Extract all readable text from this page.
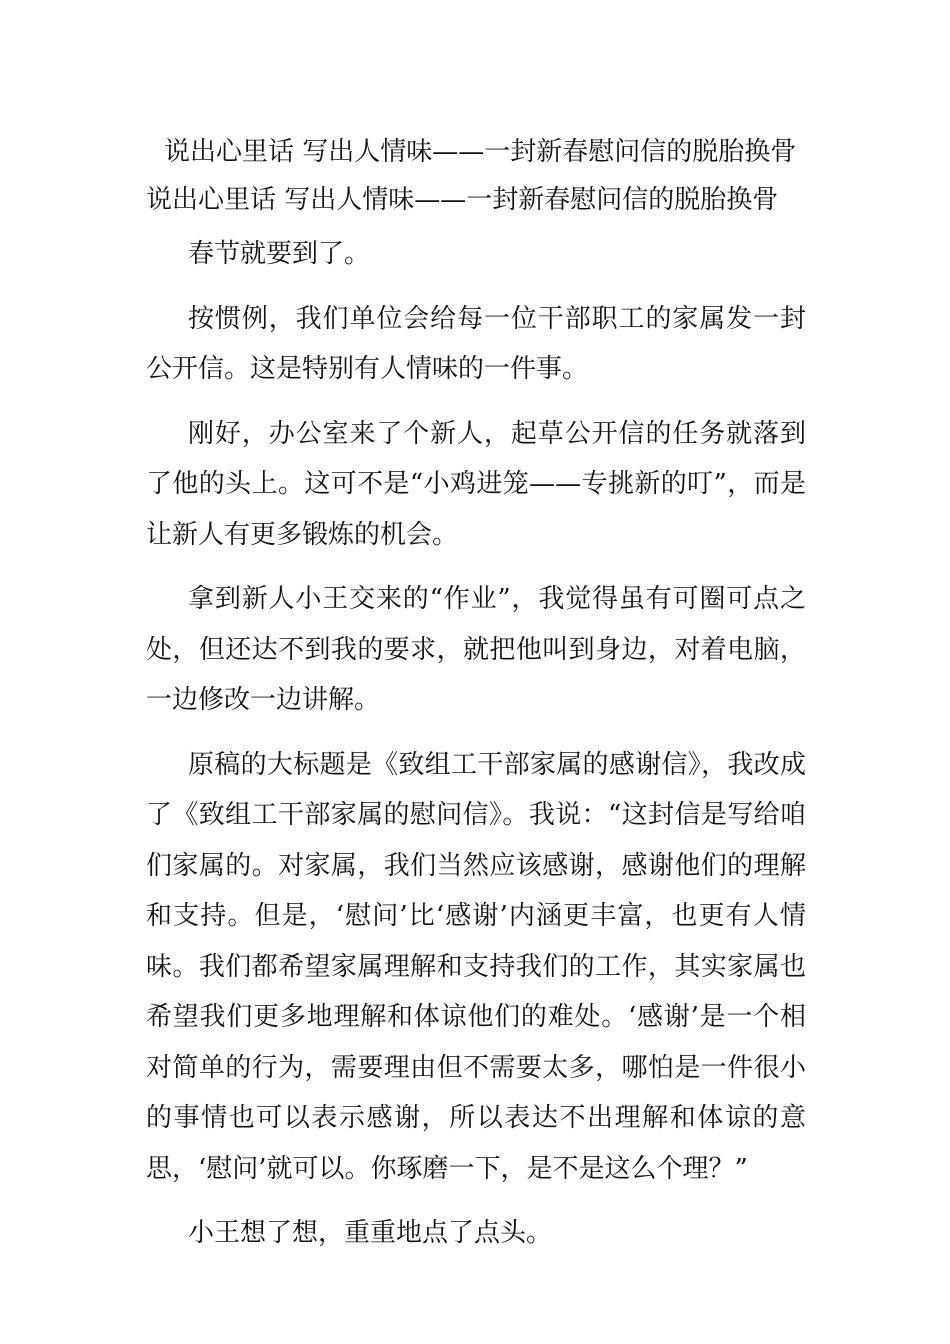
说出心里话 写出人情味——一封新春慰问信的脱胎换骨
说出心里话 写出人情味——一封新春慰问信的脱胎换骨

春节就要到了。

按惯例，我们单位会给每一位干部职工的家属发一封公开信。这是特别有人情味的一件事。

刚好，办公室来了个新人，起草公开信的任务就落到了他的头上。这可不是“小鸡进笼——专挑新的叮”，而是让新人有更多锻炼的机会。

拿到新人小王交来的“作业”，我觉得虽有可圈可点之处，但还达不到我的要求，就把他叫到身边，对着电脑，一边修改一边讲解。

原稿的大标题是《致组工干部家属的感谢信》，我改成了《致组工干部家属的慰问信》。我说：“这封信是写给咱们家属的。对家属，我们当然应该感谢，感谢他们的理解和支持。但是，‘慰问’比‘感谢’内涵更丰富，也更有人情味。我们都希望家属理解和支持我们的工作，其实家属也希望我们更多地理解和体谅他们的难处。‘感谢’是一个相对简单的行为，需要理由但不需要太多，哪怕是一件很小的事情也可以表示感谢，所以表达不出理解和体谅的意思，‘慰问’就可以。你琢磨一下，是不是这么个理？”

小王想了想，重重地点了点头。
